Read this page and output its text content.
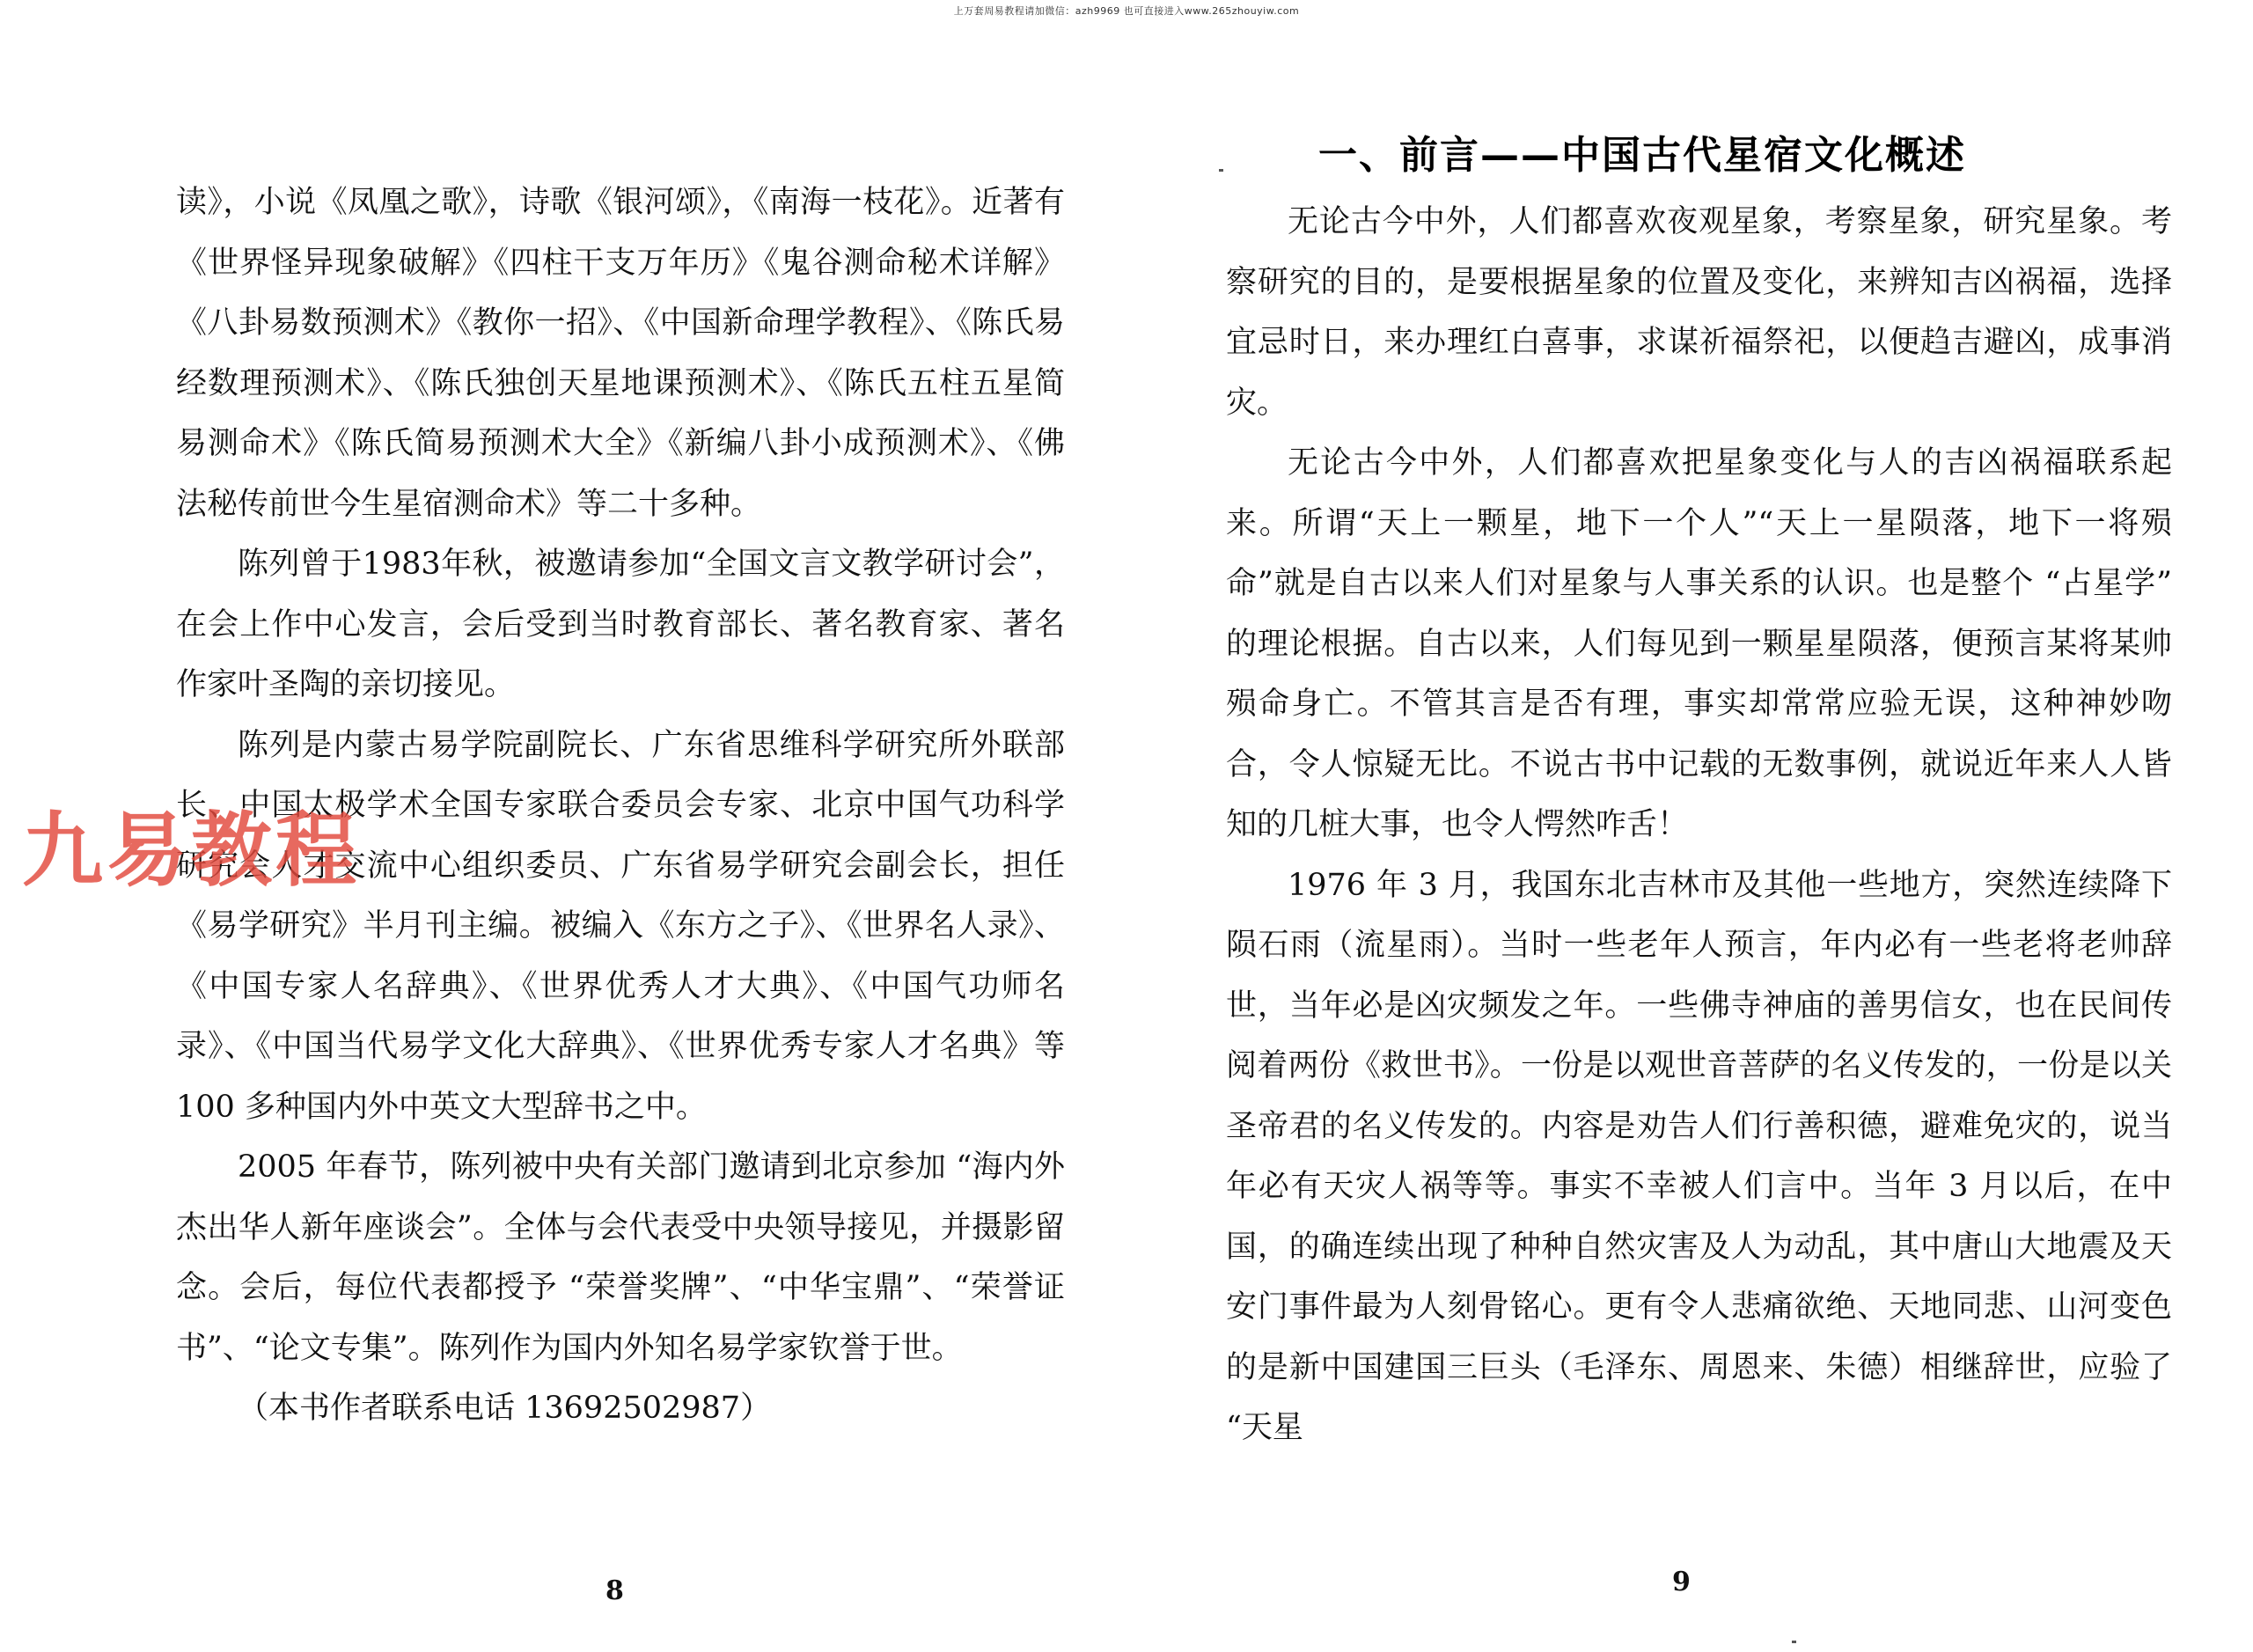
上万套周易教程请加微信：azh9969 也可直接进入www.265zhouyiw.com

读》，小说《凤凰之歌》，诗歌《银河颂》，《南海一枝花》。近著有《世界怪异现象破解》《四柱干支万年历》《鬼谷测命秘术详解》《八卦易数预测术》《教你一招》、《中国新命理学教程》、《陈氏易经数理预测术》、《陈氏独创天星地课预测术》、《陈氏五柱五星简易测命术》《陈氏简易预测术大全》《新编八卦小成预测术》、《佛法秘传前世今生星宿测命术》等二十多种。

陈列曾于1983年秋，被邀请参加“全国文言文教学研讨会”，在会上作中心发言，会后受到当时教育部长、著名教育家、著名作家叶圣陶的亲切接见。

陈列是内蒙古易学院副院长、广东省思维科学研究所外联部长、中国太极学术全国专家联合委员会专家、北京中国气功科学研究会人才交流中心组织委员、广东省易学研究会副会长，担任《易学研究》半月刊主编。被编入《东方之子》、《世界名人录》、《中国专家人名辞典》、《世界优秀人才大典》、《中国气功师名录》、《中国当代易学文化大辞典》、《世界优秀专家人才名典》等 100 多种国内外中英文大型辞书之中。

2005 年春节，陈列被中央有关部门邀请到北京参加 “海内外杰出华人新年座谈会”。全体与会代表受中央领导接见，并摄影留念。会后，每位代表都授予 “荣誉奖牌”、“中华宝鼎”、“荣誉证书”、“论文专集”。陈列作为国内外知名易学家钦誉于世。

（本书作者联系电话 13692502987）

8
一、前言——中国古代星宿文化概述

无论古今中外，人们都喜欢夜观星象，考察星象，研究星象。考察研究的目的，是要根据星象的位置及变化，来辨知吉凶祸福，选择宜忌时日，来办理红白喜事，求谋祈福祭祀，以便趋吉避凶，成事消灾。

无论古今中外，人们都喜欢把星象变化与人的吉凶祸福联系起来。所谓“天上一颗星，地下一个人”“天上一星陨落，地下一将殒命”就是自古以来人们对星象与人事关系的认识。也是整个 “占星学” 的理论根据。自古以来，人们每见到一颗星星陨落，便预言某将某帅殒命身亡。不管其言是否有理，事实却常常应验无误，这种神妙吻合，令人惊疑无比。不说古书中记载的无数事例，就说近年来人人皆知的几桩大事，也令人愕然咋舌！

1976 年 3 月，我国东北吉林市及其他一些地方，突然连续降下陨石雨（流星雨）。当时一些老年人预言，年内必有一些老将老帅辞世，当年必是凶灾频发之年。一些佛寺神庙的善男信女，也在民间传阅着两份《救世书》。一份是以观世音菩萨的名义传发的，一份是以关圣帝君的名义传发的。内容是劝告人们行善积德，避难免灾的，说当年必有天灾人祸等等。事实不幸被人们言中。当年 3 月以后，在中国，的确连续出现了种种自然灾害及人为动乱，其中唐山大地震及天安门事件最为人刻骨铭心。更有令人悲痛欲绝、天地同悲、山河变色的是新中国建国三巨头（毛泽东、周恩来、朱德）相继辞世，应验了 “天星

9
九易教程
